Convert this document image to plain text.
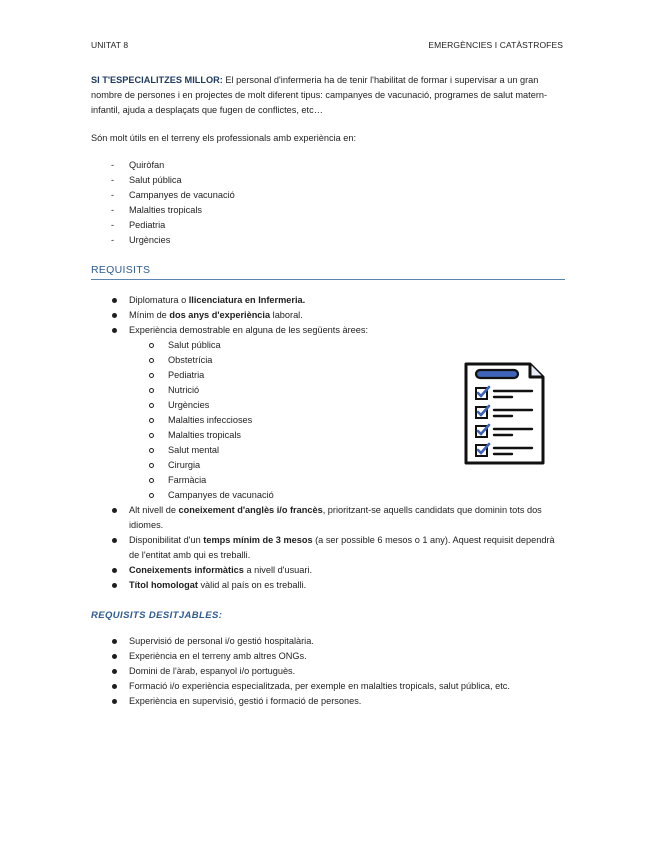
UNITAT 8	EMERGÈNCIES I CATÀSTROFES

SI T'ESPECIALITZES MILLOR: El personal d'infermeria ha de tenir l'habilitat de formar i supervisar a un gran nombre de persones i en projectes de molt diferent tipus: campanyes de vacunació, programes de salut matern-infantil, ajuda a desplaçats que fugen de conflictes, etc…

Són molt útils en el terreny els professionals amb experiència en:

- Quiròfan
- Salut pública
- Campanyes de vacunació
- Malalties tropicals
- Pediatria
- Urgències
REQUISITS
Diplomatura o llicenciatura en Infermeria.
Mínim de dos anys d'experiència laboral.
Experiència demostrable en alguna de les següents àrees:
Salut pública
Obstetrícia
Pediatria
Nutrició
Urgències
Malalties infeccioses
Malalties tropicals
Salut mental
Cirurgia
Farmàcia
Campanyes de vacunació
Alt nivell de coneixement d'anglès i/o francès, prioritzant-se aquells candidats que dominin tots dos idiomes.
Disponibilitat d'un temps mínim de 3 mesos (a ser possible 6 mesos o 1 any). Aquest requisit dependrà de l'entitat amb qui es treballi.
Coneixements informàtics a nivell d'usuari.
Títol homologat vàlid al país on es treballi.
REQUISITS DESITJABLES:
Supervisió de personal i/o gestió hospitalària.
Experiència en el terreny amb altres ONGs.
Domini de l'àrab, espanyol i/o portuguès.
Formació i/o experiència especialitzada, per exemple en malalties tropicals, salut pública, etc.
Experiència en supervisió, gestió i formació de persones.
